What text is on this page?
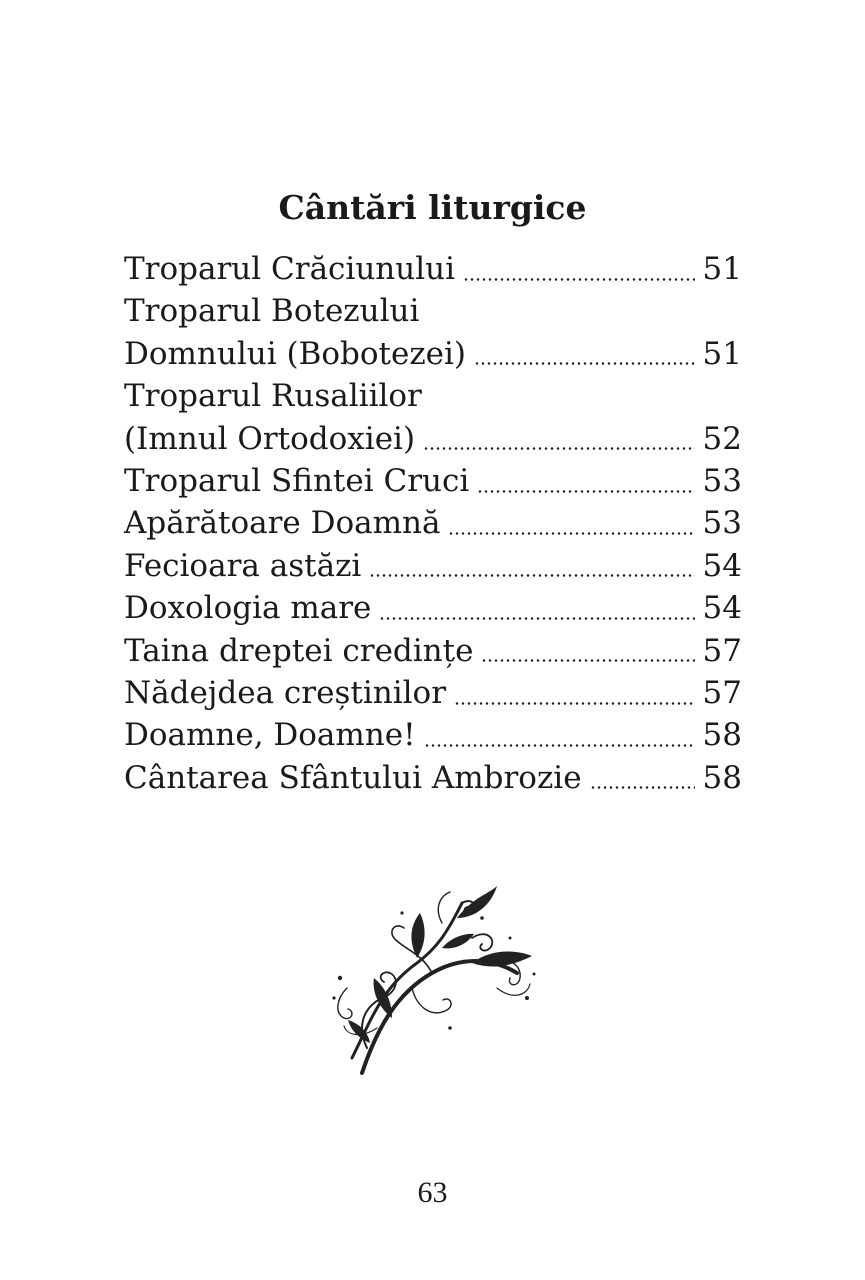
Cântări liturgice
Troparul Crăciunului	51
Troparul Botezului
Domnului (Bobotezei)	51
Troparul Rusaliilor
(Imnul Ortodoxiei)	52
Troparul Sfintei Cruci	53
Apărătoare Doamnă	53
Fecioara astăzi	54
Doxologia mare	54
Taina dreptei credințe	57
Nădejdea creștinilor	57
Doamne, Doamne!	58
Cântarea Sfântului Ambrozie	58
63
